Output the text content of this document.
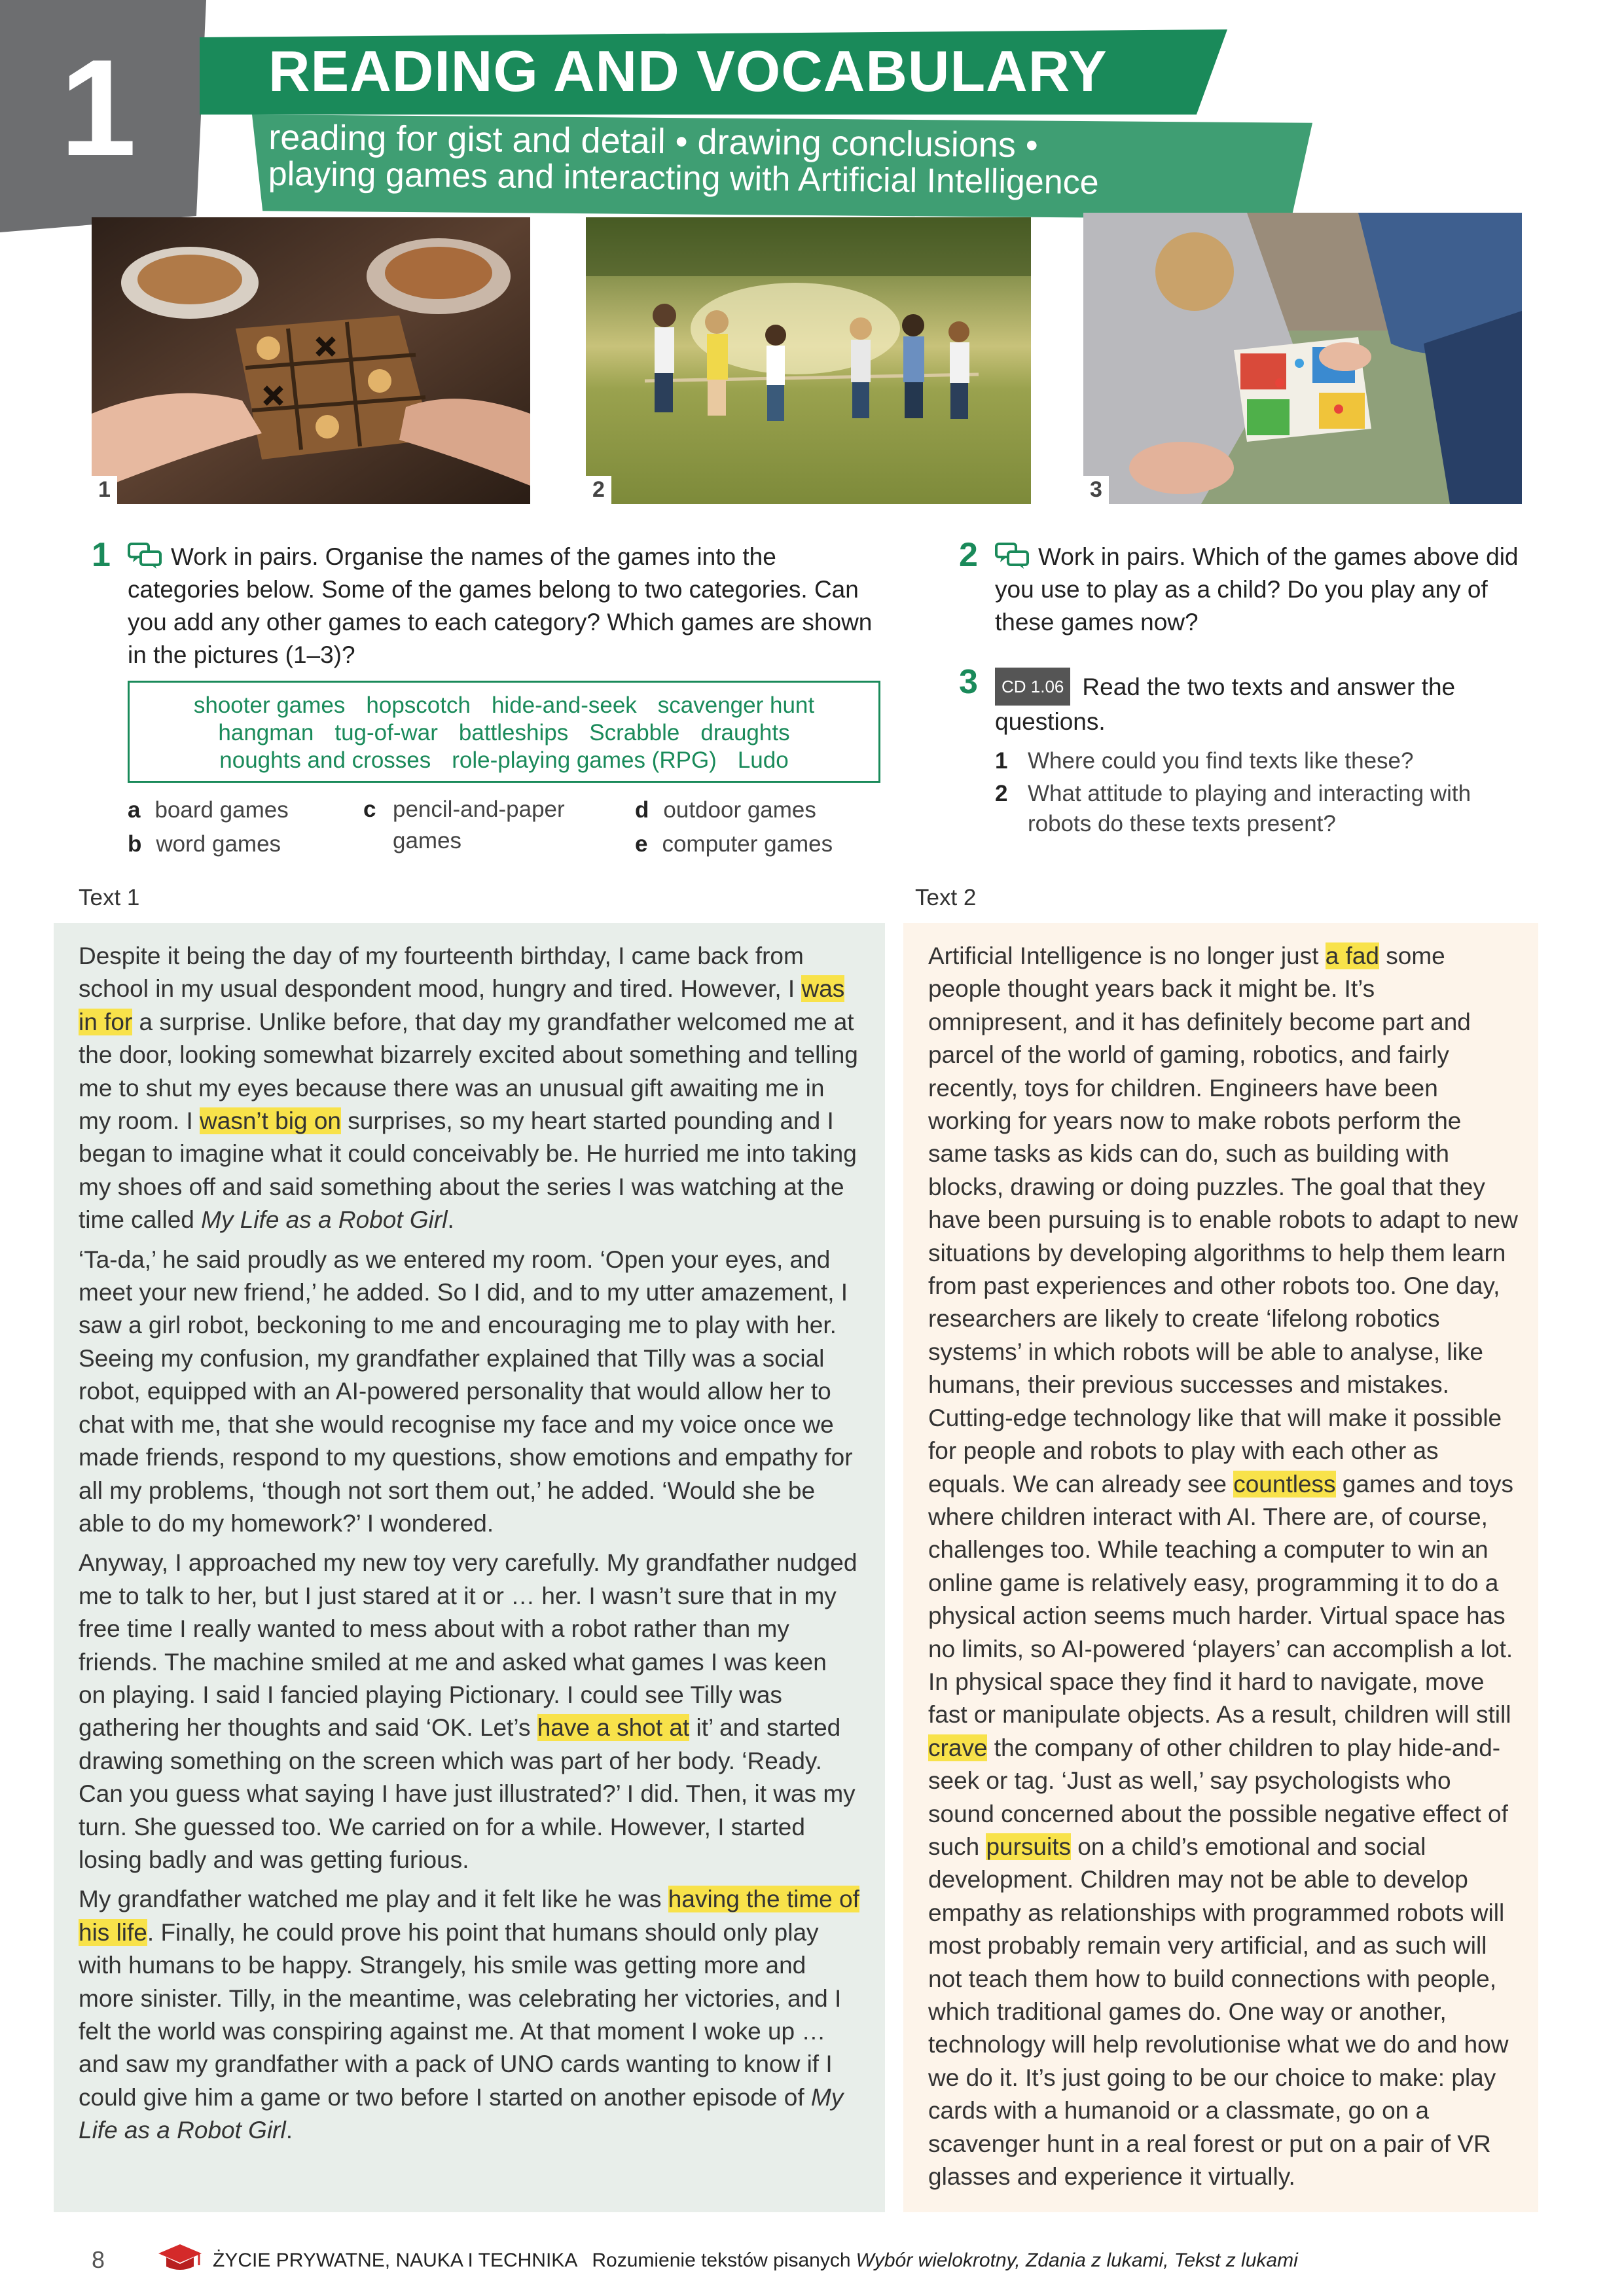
1	READING AND VOCABULARY
reading for gist and detail • drawing conclusions •
playing games and interacting with Artificial Intelligence
1	2	3
1	Work in pairs. Organise the names of the games into the categories below. Some of the games belong to two categories. Can you add any other games to each category? Which games are shown in the pictures (1–3)?
shooter games hopscotch hide-and-seek scavenger hunt
hangman tug-of-war battleships Scrabble draughts
noughts and crosses role-playing games (RPG) Ludo
a board games
b word games
c pencil-and-paper games
d outdoor games
e computer games
2	Work in pairs. Which of the games above did you use to play as a child? Do you play any of these games now?
3	CD 1.06 Read the two texts and answer the questions.
1 Where could you find texts like these?
2 What attitude to playing and interacting with robots do these texts present?
Text 1	Text 2

Despite it being the day of my fourteenth birthday, I came back from school in my usual despondent mood, hungry and tired. However, I was in for a surprise. Unlike before, that day my grandfather welcomed me at the door, looking somewhat bizarrely excited about something and telling me to shut my eyes because there was an unusual gift awaiting me in my room. I wasn’t big on surprises, so my heart started pounding and I began to imagine what it could conceivably be. He hurried me into taking my shoes off and said something about the series I was watching at the time called My Life as a Robot Girl.

‘Ta-da,’ he said proudly as we entered my room. ‘Open your eyes, and meet your new friend,’ he added. So I did, and to my utter amazement, I saw a girl robot, beckoning to me and encouraging me to play with her. Seeing my confusion, my grandfather explained that Tilly was a social robot, equipped with an AI-powered personality that would allow her to chat with me, that she would recognise my face and my voice once we made friends, respond to my questions, show emotions and empathy for all my problems, ‘though not sort them out,’ he added. ‘Would she be able to do my homework?’ I wondered.

Anyway, I approached my new toy very carefully. My grandfather nudged me to talk to her, but I just stared at it or … her. I wasn’t sure that in my free time I really wanted to mess about with a robot rather than my friends. The machine smiled at me and asked what games I was keen on playing. I said I fancied playing Pictionary. I could see Tilly was gathering her thoughts and said ‘OK. Let’s have a shot at it’ and started drawing something on the screen which was part of her body. ‘Ready. Can you guess what saying I have just illustrated?’ I did. Then, it was my turn. She guessed too. We carried on for a while. However, I started losing badly and was getting furious.

My grandfather watched me play and it felt like he was having the time of his life. Finally, he could prove his point that humans should only play with humans to be happy. Strangely, his smile was getting more and more sinister. Tilly, in the meantime, was celebrating her victories, and I felt the world was conspiring against me. At that moment I woke up … and saw my grandfather with a pack of UNO cards wanting to know if I could give him a game or two before I started on another episode of My Life as a Robot Girl.

Artificial Intelligence is no longer just a fad some people thought years back it might be. It’s omnipresent, and it has definitely become part and parcel of the world of gaming, robotics, and fairly recently, toys for children. Engineers have been working for years now to make robots perform the same tasks as kids can do, such as building with blocks, drawing or doing puzzles. The goal that they have been pursuing is to enable robots to adapt to new situations by developing algorithms to help them learn from past experiences and other robots too. One day, researchers are likely to create ‘lifelong robotics systems’ in which robots will be able to analyse, like humans, their previous successes and mistakes. Cutting-edge technology like that will make it possible for people and robots to play with each other as equals. We can already see countless games and toys where children interact with AI. There are, of course, challenges too. While teaching a computer to win an online game is relatively easy, programming it to do a physical action seems much harder. Virtual space has no limits, so AI-powered ‘players’ can accomplish a lot. In physical space they find it hard to navigate, move fast or manipulate objects. As a result, children will still crave the company of other children to play hide-and-seek or tag. ‘Just as well,’ say psychologists who sound concerned about the possible negative effect of such pursuits on a child’s emotional and social development. Children may not be able to develop empathy as relationships with programmed robots will most probably remain very artificial, and as such will not teach them how to build connections with people, which traditional games do. One way or another, technology will help revolutionise what we do and how we do it. It’s just going to be our choice to make: play cards with a humanoid or a classmate, go on a scavenger hunt in a real forest or put on a pair of VR glasses and experience it virtually.

8	ŻYCIE PRYWATNE, NAUKA I TECHNIKA Rozumienie tekstów pisanych Wybór wielokrotny, Zdania z lukami, Tekst z lukami
